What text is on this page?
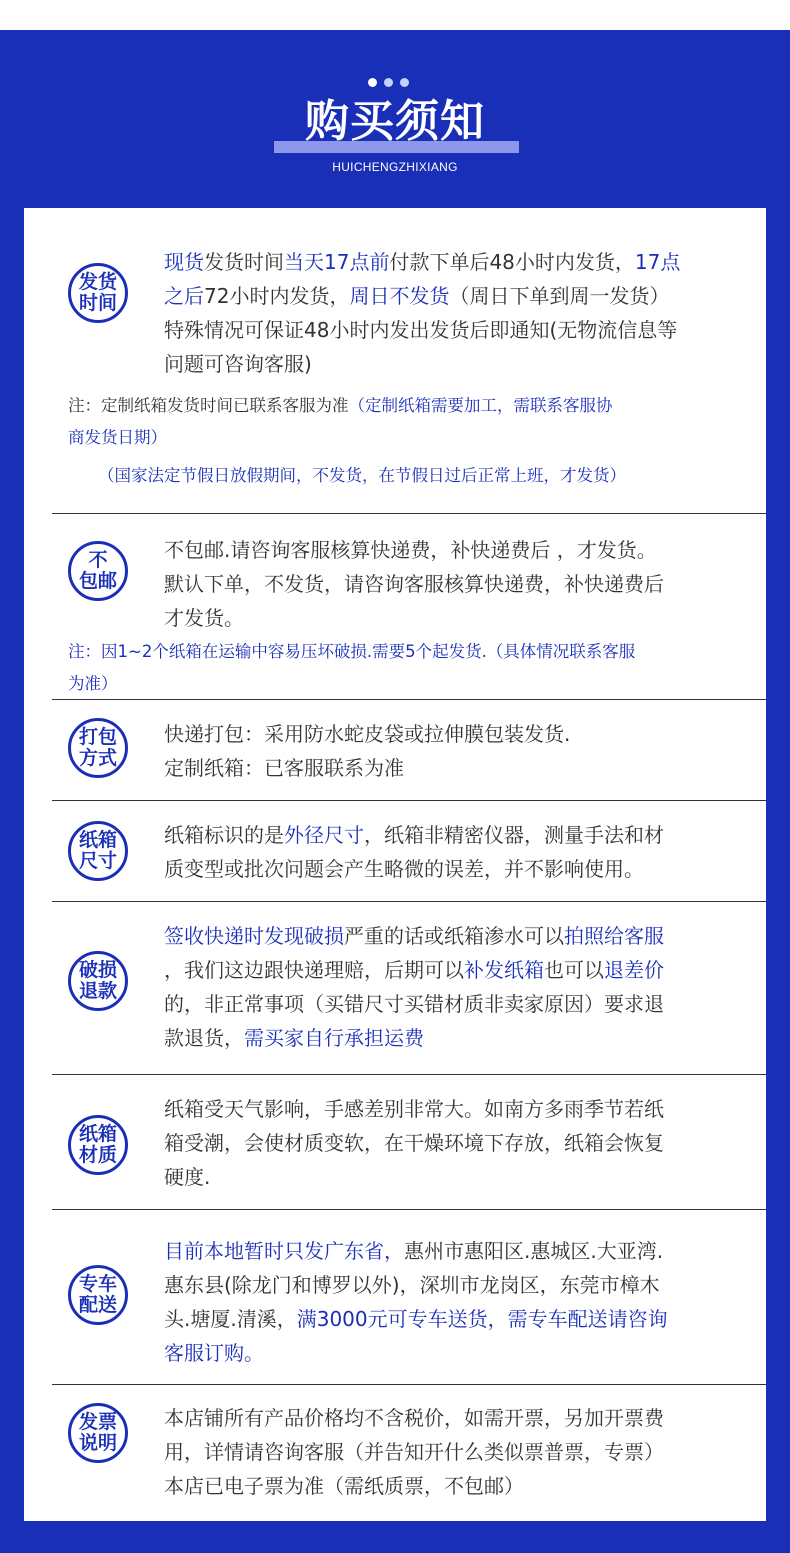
购买须知
HUICHENGZHIXIANG
发货
时间
现货发货时间当天17点前付款下单后48小时内发货，17点
之后72小时内发货，周日不发货（周日下单到周一发货）
特殊情况可保证48小时内发出发货后即通知(无物流信息等
问题可咨询客服)
注：定制纸箱发货时间已联系客服为准（定制纸箱需要加工，需联系客服协
商发货日期）
（国家法定节假日放假期间，不发货，在节假日过后正常上班，才发货）
不
包邮
不包邮.请咨询客服核算快递费，补快递费后 ，才发货。
默认下单，不发货，请咨询客服核算快递费，补快递费后
才发货。
注：因1~2个纸箱在运输中容易压坏破损.需要5个起发货.（具体情况联系客服
为准）
打包
方式
快递打包：采用防水蛇皮袋或拉伸膜包装发货.
定制纸箱：已客服联系为准
纸箱
尺寸
纸箱标识的是外径尺寸，纸箱非精密仪器，测量手法和材
质变型或批次问题会产生略微的误差，并不影响使用。
破损
退款
签收快递时发现破损严重的话或纸箱渗水可以拍照给客服
，我们这边跟快递理赔，后期可以补发纸箱也可以退差价
的，非正常事项（买错尺寸买错材质非卖家原因）要求退
款退货，需买家自行承担运费
纸箱
材质
纸箱受天气影响，手感差别非常大。如南方多雨季节若纸
箱受潮，会使材质变软，在干燥环境下存放，纸箱会恢复
硬度.
专车
配送
目前本地暂时只发广东省，惠州市惠阳区.惠城区.大亚湾.
惠东县(除龙门和博罗以外)，深圳市龙岗区，东莞市樟木
头.塘厦.清溪，满3000元可专车送货，需专车配送请咨询
客服订购。
发票
说明
本店铺所有产品价格均不含税价，如需开票，另加开票费
用，详情请咨询客服（并告知开什么类似票普票，专票）
本店已电子票为准（需纸质票，不包邮）
